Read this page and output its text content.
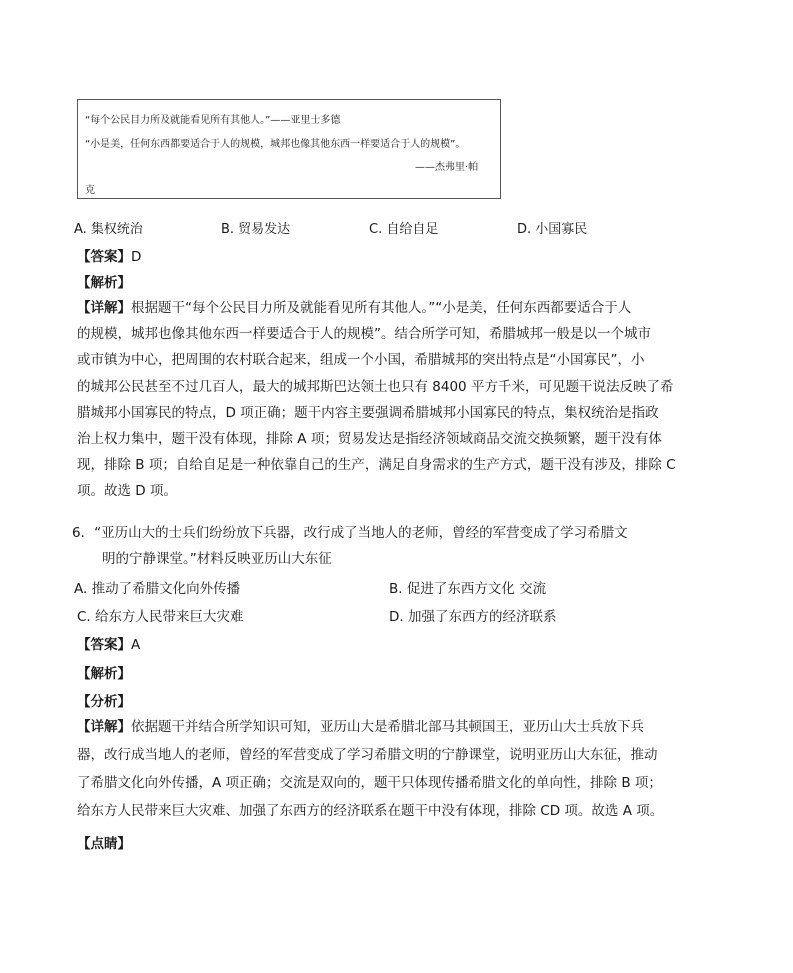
“每个公民目力所及就能看见所有其他人。”——亚里士多德
“小是美，任何东西都要适合于人的规模，城邦也像其他东西一样要适合于人的规模”。
——杰弗里·帕
克
A. 集权统治	B. 贸易发达	C. 自给自足	D. 小国寡民
【答案】D
【解析】
【详解】根据题干“每个公民目力所及就能看见所有其他人。”“小是美，任何东西都要适合于人
的规模，城邦也像其他东西一样要适合于人的规模”。结合所学可知，希腊城邦一般是以一个城市
或市镇为中心，把周围的农村联合起来，组成一个小国，希腊城邦的突出特点是“小国寡民”，小
的城邦公民甚至不过几百人，最大的城邦斯巴达领土也只有 8400 平方千米，可见题干说法反映了希
腊城邦小国寡民的特点，D 项正确；题干内容主要强调希腊城邦小国寡民的特点，集权统治是指政
治上权力集中，题干没有体现，排除 A 项；贸易发达是指经济领域商品交流交换频繁，题干没有体
现，排除 B 项；自给自足是一种依靠自己的生产，满足自身需求的生产方式，题干没有涉及，排除 C
项。故选 D 项。
6．“亚历山大的士兵们纷纷放下兵器，改行成了当地人的老师，曾经的军营变成了学习希腊文
明的宁静课堂。”材料反映亚历山大东征
A. 推动了希腊文化向外传播	B. 促进了东西方文化 交流
C. 给东方人民带来巨大灾难	D. 加强了东西方的经济联系
【答案】A
【解析】
【分析】
【详解】依据题干并结合所学知识可知，亚历山大是希腊北部马其顿国王，亚历山大士兵放下兵
器，改行成当地人的老师，曾经的军营变成了学习希腊文明的宁静课堂，说明亚历山大东征，推动
了希腊文化向外传播，A 项正确；交流是双向的，题干只体现传播希腊文化的单向性，排除 B 项；
给东方人民带来巨大灾难、加强了东西方的经济联系在题干中没有体现，排除 CD 项。故选 A 项。
【点睛】
